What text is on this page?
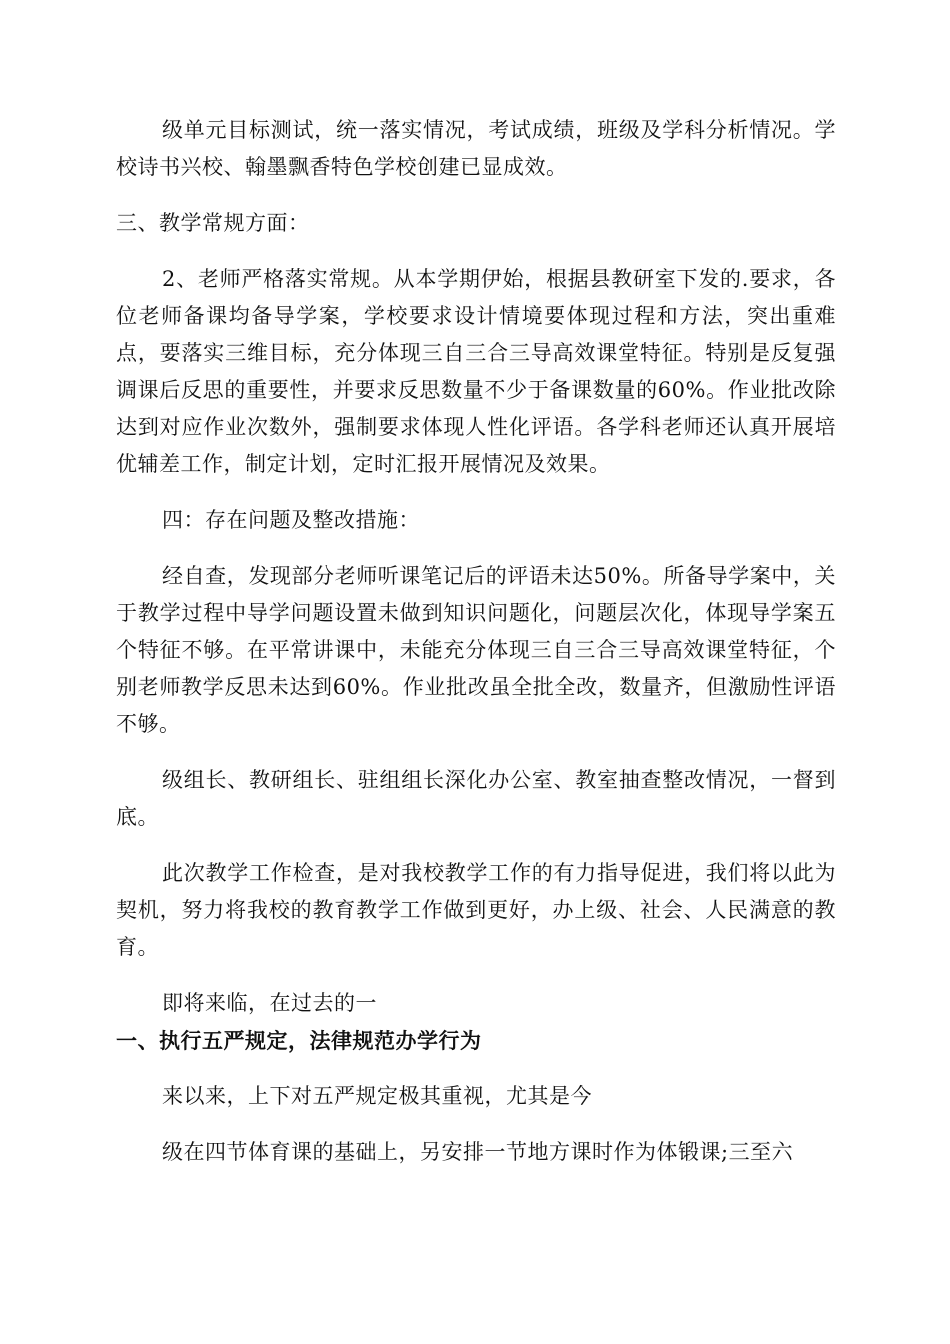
级单元目标测试，统一落实情况，考试成绩，班级及学科分析情况。学校诗书兴校、翰墨飘香特色学校创建已显成效。

三、教学常规方面：

2、老师严格落实常规。从本学期伊始，根据县教研室下发的.要求，各位老师备课均备导学案，学校要求设计情境要体现过程和方法，突出重难点，要落实三维目标，充分体现三自三合三导高效课堂特征。特别是反复强调课后反思的重要性，并要求反思数量不少于备课数量的60%。作业批改除达到对应作业次数外，强制要求体现人性化评语。各学科老师还认真开展培优辅差工作，制定计划，定时汇报开展情况及效果。

四：存在问题及整改措施：

经自查，发现部分老师听课笔记后的评语未达50%。所备导学案中，关于教学过程中导学问题设置未做到知识问题化，问题层次化，体现导学案五个特征不够。在平常讲课中，未能充分体现三自三合三导高效课堂特征，个别老师教学反思未达到60%。作业批改虽全批全改，数量齐，但激励性评语不够。

级组长、教研组长、驻组组长深化办公室、教室抽查整改情况，一督到底。

此次教学工作检查，是对我校教学工作的有力指导促进，我们将以此为契机，努力将我校的教育教学工作做到更好，办上级、社会、人民满意的教育。

即将来临，在过去的一

一、执行五严规定，法律规范办学行为

来以来，上下对五严规定极其重视，尤其是今

级在四节体育课的基础上，另安排一节地方课时作为体锻课;三至六
